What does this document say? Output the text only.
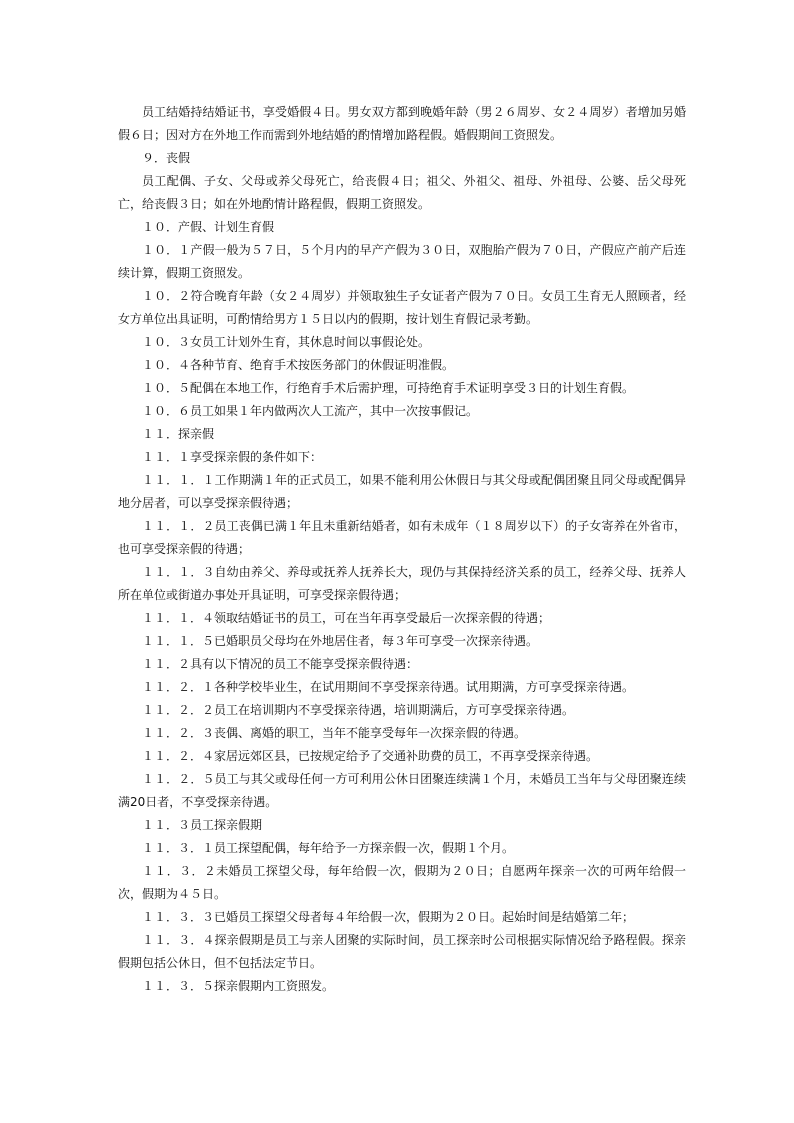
员工结婚持结婚证书，享受婚假４日。男女双方都到晚婚年龄（男２６周岁、女２４周岁）者增加另婚假６日；因对方在外地工作而需到外地结婚的酌情增加路程假。婚假期间工资照发。

９．丧假

员工配偶、子女、父母或养父母死亡，给丧假４日；祖父、外祖父、祖母、外祖母、公婆、岳父母死亡，给丧假３日；如在外地酌情计路程假，假期工资照发。

１０．产假、计划生育假

１０．１产假一般为５７日，５个月内的早产产假为３０日，双胞胎产假为７０日，产假应产前产后连续计算，假期工资照发。

１０．２符合晚育年龄（女２４周岁）并领取独生子女证者产假为７０日。女员工生育无人照顾者，经女方单位出具证明，可酌情给男方１５日以内的假期，按计划生育假记录考勤。

１０．３女员工计划外生育，其休息时间以事假论处。

１０．４各种节育、绝育手术按医务部门的休假证明准假。

１０．５配偶在本地工作，行绝育手术后需护理，可持绝育手术证明享受３日的计划生育假。

１０．６员工如果１年内做两次人工流产，其中一次按事假记。

１１．探亲假

１１．１享受探亲假的条件如下：

１１．１．１工作期满１年的正式员工，如果不能利用公休假日与其父母或配偶团聚且同父母或配偶异地分居者，可以享受探亲假待遇；

１１．１．２员工丧偶已满１年且未重新结婚者，如有未成年（１８周岁以下）的子女寄养在外省市，也可享受探亲假的待遇；

１１．１．３自幼由养父、养母或抚养人抚养长大，现仍与其保持经济关系的员工，经养父母、抚养人所在单位或街道办事处开具证明，可享受探亲假待遇；

１１．１．４领取结婚证书的员工，可在当年再享受最后一次探亲假的待遇；

１１．１．５已婚职员父母均在外地居住者，每３年可享受一次探亲待遇。

１１．２具有以下情况的员工不能享受探亲假待遇：

１１．２．１各种学校毕业生，在试用期间不享受探亲待遇。试用期满，方可享受探亲待遇。

１１．２．２员工在培训期内不享受探亲待遇，培训期满后，方可享受探亲待遇。

１１．２．３丧偶、离婚的职工，当年不能享受每年一次探亲假的待遇。

１１．２．４家居远郊区县，已按规定给予了交通补助费的员工，不再享受探亲待遇。

１１．２．５员工与其父或母任何一方可利用公休日团聚连续满１个月，未婚员工当年与父母团聚连续满20日者，不享受探亲待遇。

１１．３员工探亲假期

１１．３．１员工探望配偶，每年给予一方探亲假一次，假期１个月。

１１．３．２未婚员工探望父母，每年给假一次，假期为２０日；自愿两年探亲一次的可两年给假一次，假期为４５日。

１１．３．３已婚员工探望父母者每４年给假一次，假期为２０日。起始时间是结婚第二年；

１１．３．４探亲假期是员工与亲人团聚的实际时间，员工探亲时公司根据实际情况给予路程假。探亲假期包括公休日，但不包括法定节日。

１１．３．５探亲假期内工资照发。
